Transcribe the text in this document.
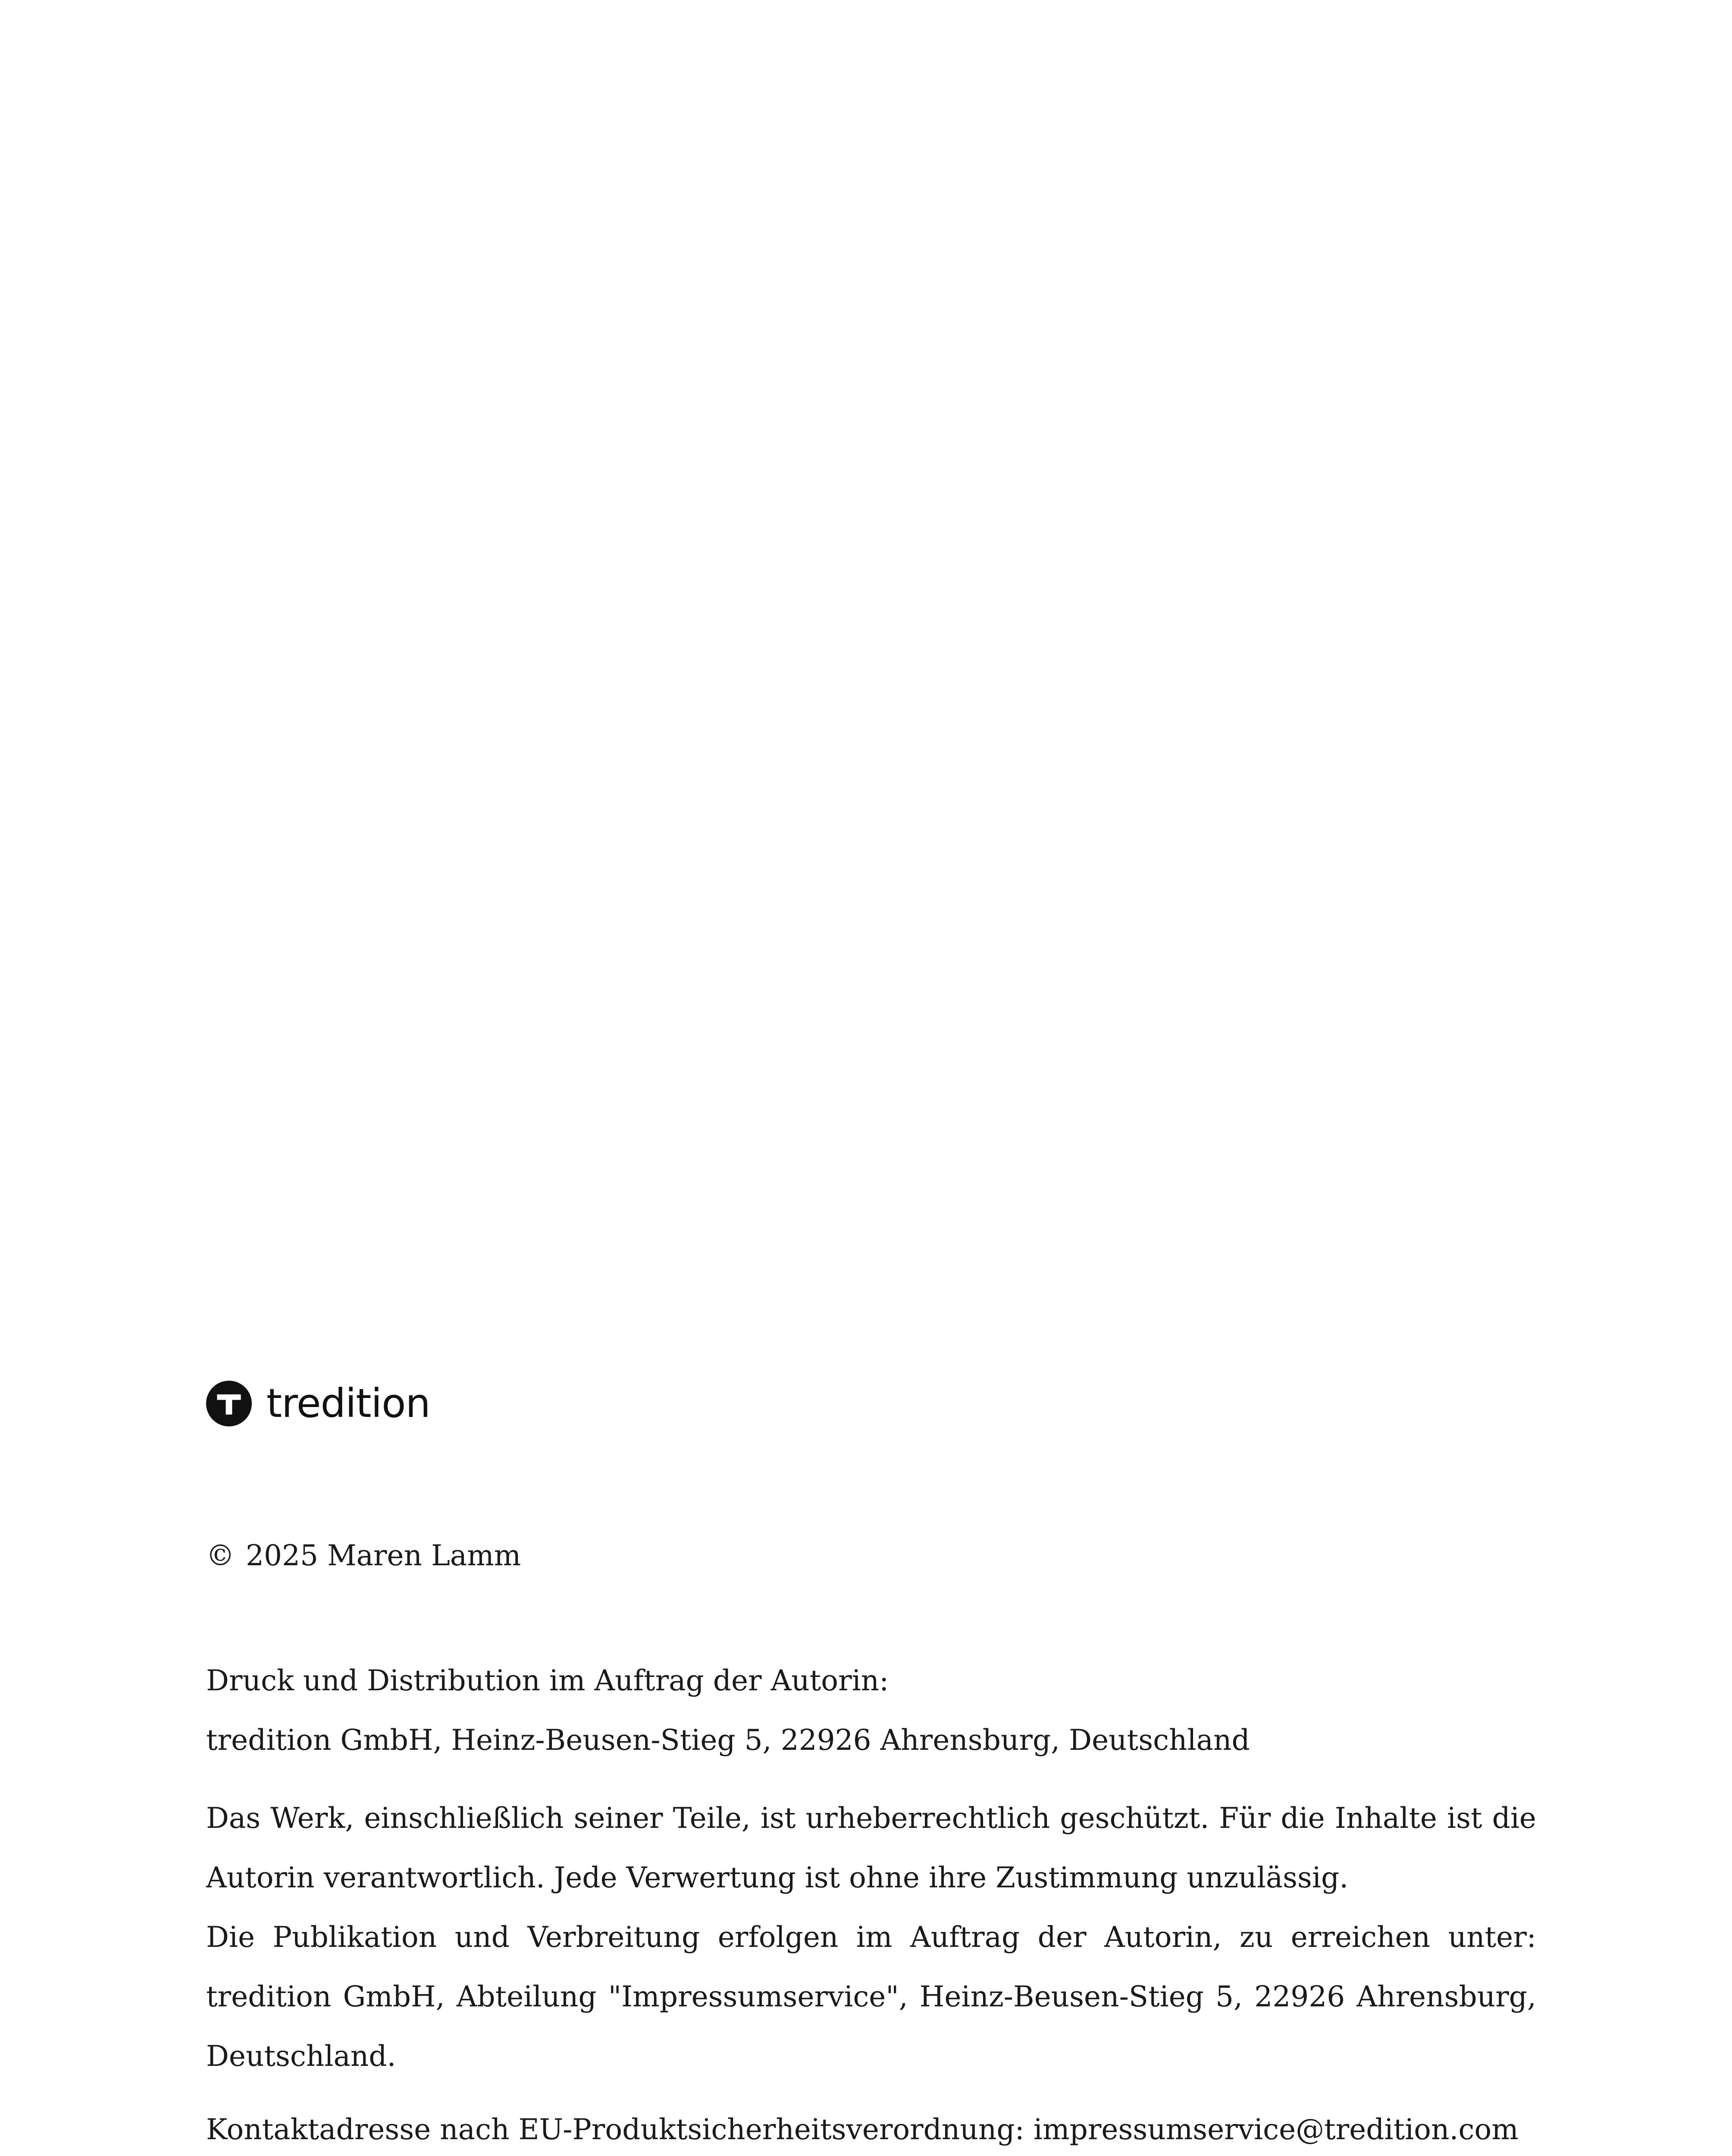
tredition
© 2025 Maren Lamm

Druck und Distribution im Auftrag der Autorin:
tredition GmbH, Heinz-Beusen-Stieg 5, 22926 Ahrensburg, Deutschland

Das Werk, einschließlich seiner Teile, ist urheberrechtlich geschützt. Für die Inhalte ist die Autorin verantwortlich. Jede Verwertung ist ohne ihre Zustimmung unzulässig.
Die Publikation und Verbreitung erfolgen im Auftrag der Autorin, zu erreichen unter: tredition GmbH, Abteilung "Impressumservice", Heinz-Beusen-Stieg 5, 22926 Ahrensburg, Deutschland.

Kontaktadresse nach EU-Produktsicherheitsverordnung: impressumservice@tredition.com
